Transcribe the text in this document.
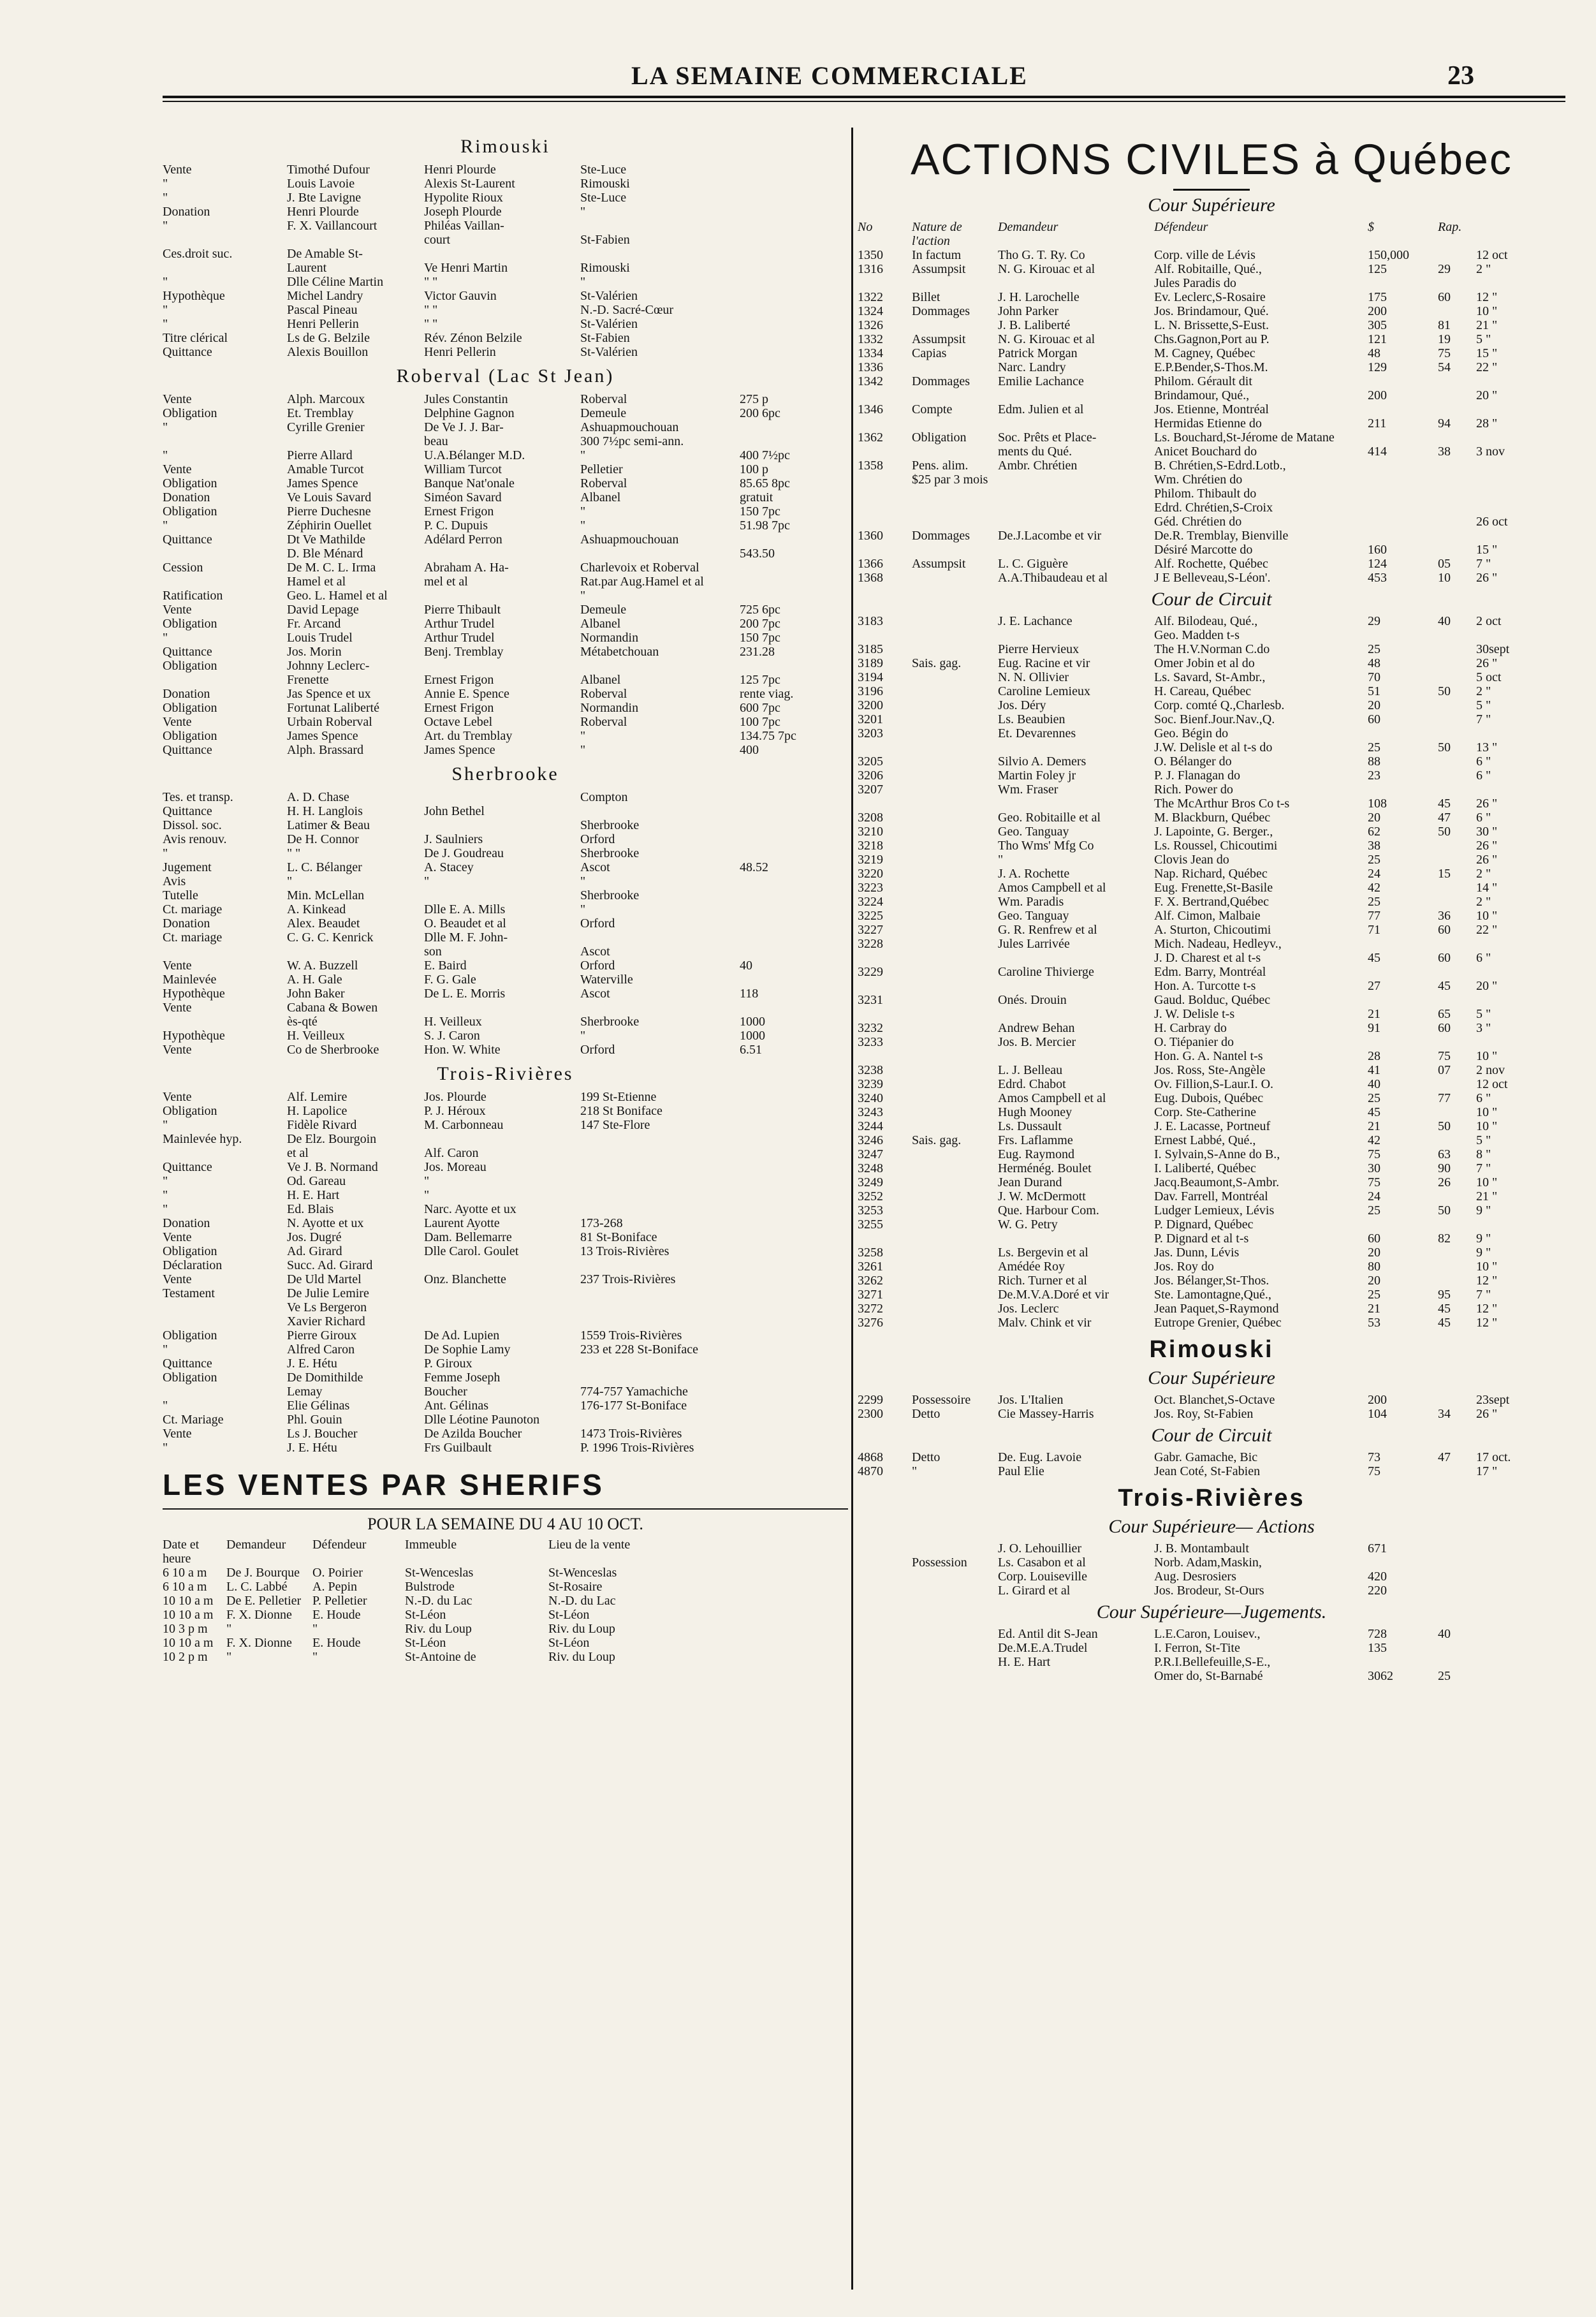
LA SEMAINE COMMERCIALE	23
Rimouski
Vente	Timothé Dufour	Henri Plourde	Ste-Luce
"	Louis Lavoie	Alexis St-Laurent	Rimouski
"	J. Bte Lavigne	Hypolite Rioux	Ste-Luce
Donation	Henri Plourde	Joseph Plourde	"
"	F. X. Vaillancourt	Philéas Vaillan-
court	St-Fabien
Ces.droit suc.	De Amable St-
Laurent	Ve Henri Martin	Rimouski
"	Dlle Céline Martin	" "	"
Hypothèque	Michel Landry	Victor Gauvin	St-Valérien
"	Pascal Pineau	" "	N.-D. Sacré-Cœur
"	Henri Pellerin	" "	St-Valérien
Titre clérical	Ls de G. Belzile	Rév. Zénon Belzile	St-Fabien
Quittance	Alexis Bouillon	Henri Pellerin	St-Valérien
Roberval (Lac St Jean)
Vente	Alph. Marcoux	Jules Constantin	Roberval	275 p
Obligation	Et. Tremblay	Delphine Gagnon	Demeule	200 6pc
"	Cyrille Grenier	De Ve J. J. Bar-	Ashuapmouchouan
beau	300 7½pc semi-ann.
"	Pierre Allard	U.A.Bélanger M.D.	"	400 7½pc
Vente	Amable Turcot	William Turcot	Pelletier	100 p
Obligation	James Spence	Banque Nat'onale	Roberval	85.65 8pc
Donation	Ve Louis Savard	Siméon Savard	Albanel	gratuit
Obligation	Pierre Duchesne	Ernest Frigon	"	150 7pc
"	Zéphirin Ouellet	P. C. Dupuis	"	51.98 7pc
Quittance	Dt Ve Mathilde	Adélard Perron	Ashuapmouchouan
D. Ble Ménard	543.50
Cession	De M. C. L. Irma	Abraham A. Ha-	Charlevoix et Roberval
Hamel et al	mel et al	Rat.par Aug.Hamel et al
Ratification	Geo. L. Hamel et al	"
Vente	David Lepage	Pierre Thibault	Demeule	725 6pc
Obligation	Fr. Arcand	Arthur Trudel	Albanel	200 7pc
"	Louis Trudel	Arthur Trudel	Normandin	150 7pc
Quittance	Jos. Morin	Benj. Tremblay	Métabetchouan	231.28
Obligation	Johnny Leclerc-
Frenette	Ernest Frigon	Albanel	125 7pc
Donation	Jas Spence et ux	Annie E. Spence	Roberval	rente viag.
Obligation	Fortunat Laliberté	Ernest Frigon	Normandin	600 7pc
Vente	Urbain Roberval	Octave Lebel	Roberval	100 7pc
Obligation	James Spence	Art. du Tremblay	"	134.75 7pc
Quittance	Alph. Brassard	James Spence	"	400
Sherbrooke
Tes. et transp.	A. D. Chase	Compton
Quittance	H. H. Langlois	John Bethel
Dissol. soc.	Latimer & Beau	Sherbrooke
Avis renouv.	De H. Connor	J. Saulniers	Orford
"	" "	De J. Goudreau	Sherbrooke
Jugement	L. C. Bélanger	A. Stacey	Ascot	48.52
Avis	"	"	"
Tutelle	Min. McLellan	Sherbrooke
Ct. mariage	A. Kinkead	Dlle E. A. Mills	"
Donation	Alex. Beaudet	O. Beaudet et al	Orford
Ct. mariage	C. G. C. Kenrick	Dlle M. F. John-
son	Ascot
Vente	W. A. Buzzell	E. Baird	Orford	40
Mainlevée	A. H. Gale	F. G. Gale	Waterville
Hypothèque	John Baker	De L. E. Morris	Ascot	118
Vente	Cabana & Bowen
ès-qté	H. Veilleux	Sherbrooke	1000
Hypothèque	H. Veilleux	S. J. Caron	"	1000
Vente	Co de Sherbrooke	Hon. W. White	Orford	6.51
Trois-Rivières
Vente	Alf. Lemire	Jos. Plourde	199 St-Etienne
Obligation	H. Lapolice	P. J. Héroux	218 St Boniface
"	Fidèle Rivard	M. Carbonneau	147 Ste-Flore
Mainlevée hyp.	De Elz. Bourgoin
et al	Alf. Caron
Quittance	Ve J. B. Normand	Jos. Moreau
"	Od. Gareau	"
"	H. E. Hart	"
"	Ed. Blais	Narc. Ayotte et ux
Donation	N. Ayotte et ux	Laurent Ayotte	173-268
Vente	Jos. Dugré	Dam. Bellemarre	81 St-Boniface
Obligation	Ad. Girard	Dlle Carol. Goulet	13 Trois-Rivières
Déclaration	Succ. Ad. Girard
Vente	De Uld Martel	Onz. Blanchette	237 Trois-Rivières
Testament	De Julie Lemire
Ve Ls Bergeron
Xavier Richard
Obligation	Pierre Giroux	De Ad. Lupien	1559 Trois-Rivières
"	Alfred Caron	De Sophie Lamy	233 et 228 St-Boniface
Quittance	J. E. Hétu	P. Giroux
Obligation	De Domithilde	Femme Joseph
Lemay	Boucher	774-757 Yamachiche
"	Elie Gélinas	Ant. Gélinas	176-177 St-Boniface
Ct. Mariage	Phl. Gouin	Dlle Léotine Paunoton
Vente	Ls J. Boucher	De Azilda Boucher	1473 Trois-Rivières
"	J. E. Hétu	Frs Guilbault	P. 1996 Trois-Rivières
LES VENTES PAR SHERIFS
POUR LA SEMAINE DU 4 AU 10 OCT.
Date et heure
Demandeur	Défendeur	Immeuble	Lieu de la vente
6 10 a m	De J. Bourque	O. Poirier	St-Wenceslas	St-Wenceslas
6 10 a m	L. C. Labbé	A. Pepin	Bulstrode	St-Rosaire
10 10 a m	De E. Pelletier P. Pelletier	N.-D. du Lac	N.-D. du Lac
10 10 a m	F. X. Dionne	E. Houde	St-Léon	St-Léon
10 3 p m	"	"	Riv. du Loup	Riv. du Loup
10 10 a m	F. X. Dionne	E. Houde	St-Léon	St-Léon
10 2 p m	"	"	St-Antoine de	Riv. du Loup
ACTIONS CIVILES à Québec
Cour Supérieure
No	Nature de l'action
Demandeur	Défendeur	$	Rap.
1350	In factum	Tho G. T. Ry. Co	Corp. ville de Lévis	150,000	12 oct
1316	Assumpsit	N. G. Kirouac et al	Alf. Robitaille, Qué.,	125	29	2 "
Jules Paradis do
1322	Billet	J. H. Larochelle	Ev. Leclerc,S-Rosaire	175	60	12 "
1324	Dommages	John Parker	Jos. Brindamour, Qué.	200	10 "
1326	J. B. Laliberté	L. N. Brissette,S-Eust.	305	81	21 "
1332	Assumpsit	N. G. Kirouac et al	Chs.Gagnon,Port au P.	121	19	5 "
1334	Capias	Patrick Morgan	M. Cagney, Québec	48	75	15 "
1336	Narc. Landry	E.P.Bender,S-Thos.M.	129	54	22 "
1342	Dommages	Emilie Lachance	Philom. Gérault dit
Brindamour, Qué.,	200	20 "
1346	Compte	Edm. Julien et al	Jos. Etienne, Montréal
Hermidas Etienne do	211	94	28 "
1362	Obligation	Soc. Prêts et Place-	Ls. Bouchard,St-Jérome de Matane
ments du Qué.	Anicet Bouchard do	414	38	3 nov
1358	Pens. alim.	Ambr. Chrétien	B. Chrétien,S-Edrd.Lotb.,
$25 par 3 mois	Wm. Chrétien do
Philom. Thibault do
Edrd. Chrétien,S-Croix
Géd. Chrétien do	26 oct
1360	Dommages	De.J.Lacombe et vir	De.R. Tremblay, Bienville
Désiré Marcotte do	160	15 "
1366	Assumpsit	L. C. Giguère	Alf. Rochette, Québec	124	05	7 "
1368	A.A.Thibaudeau et al	J E Belleveau,S-Léon'.	453	10	26 "
Cour de Circuit
3183	J. E. Lachance	Alf. Bilodeau, Qué.,	29	40	2 oct
Geo. Madden t-s
3185	Pierre Hervieux	The H.V.Norman C.do	25	30sept
3189	Sais. gag.	Eug. Racine et vir	Omer Jobin et al do	48	26 "
3194	N. N. Ollivier	Ls. Savard, St-Ambr.,	70	5 oct
3196	Caroline Lemieux	H. Careau, Québec	51	50	2 "
3200	Jos. Déry	Corp. comté Q.,Charlesb.	20	5 "
3201	Ls. Beaubien	Soc. Bienf.Jour.Nav.,Q.	60	7 "
3203	Et. Devarennes	Geo. Bégin do
J.W. Delisle et al t-s do	25	50	13 "
3205	Silvio A. Demers	O. Bélanger do	88	6 "
3206	Martin Foley jr	P. J. Flanagan do	23	6 "
3207	Wm. Fraser	Rich. Power do
The McArthur Bros Co t-s	108	45	26 "
3208	Geo. Robitaille et al	M. Blackburn, Québec	20	47	6 "
3210	Geo. Tanguay	J. Lapointe, G. Berger.,	62	50	30 "
3218	Tho Wms' Mfg Co	Ls. Roussel, Chicoutimi	38	26 "
3219	"	Clovis Jean do	25	26 "
3220	J. A. Rochette	Nap. Richard, Québec	24	15	2 "
3223	Amos Campbell et al	Eug. Frenette,St-Basile	42	14 "
3224	Wm. Paradis	F. X. Bertrand,Québec	25	2 "
3225	Geo. Tanguay	Alf. Cimon, Malbaie	77	36	10 "
3227	G. R. Renfrew et al	A. Sturton, Chicoutimi	71	60	22 "
3228	Jules Larrivée	Mich. Nadeau, Hedleyv.,
J. D. Charest et al t-s	45	60	6 "
3229	Caroline Thivierge	Edm. Barry, Montréal
Hon. A. Turcotte t-s	27	45	20 "
3231	Onés. Drouin	Gaud. Bolduc, Québec
J. W. Delisle t-s	21	65	5 "
3232	Andrew Behan	H. Carbray do	91	60	3 "
3233	Jos. B. Mercier	O. Tiépanier do
Hon. G. A. Nantel t-s	28	75	10 "
3238	L. J. Belleau	Jos. Ross, Ste-Angèle	41	07	2 nov
3239	Edrd. Chabot	Ov. Fillion,S-Laur.I. O.	40	12 oct
3240	Amos Campbell et al	Eug. Dubois, Québec	25	77	6 "
3243	Hugh Mooney	Corp. Ste-Catherine	45	10 "
3244	Ls. Dussault	J. E. Lacasse, Portneuf	21	50	10 "
3246	Sais. gag.	Frs. Laflamme	Ernest Labbé, Qué.,	42	5 "
3247	Eug. Raymond	I. Sylvain,S-Anne do B.,	75	63	8 "
3248	Herménég. Boulet	I. Laliberté, Québec	30	90	7 "
3249	Jean Durand	Jacq.Beaumont,S-Ambr.	75	26	10 "
3252	J. W. McDermott	Dav. Farrell, Montréal	24	21 "
3253	Que. Harbour Com.	Ludger Lemieux, Lévis	25	50	9 "
3255	W. G. Petry	P. Dignard, Québec
P. Dignard et al t-s	60	82	9 "
3258	Ls. Bergevin et al	Jas. Dunn, Lévis	20	9 "
3261	Amédée Roy	Jos. Roy do	80	10 "
3262	Rich. Turner et al	Jos. Bélanger,St-Thos.	20	12 "
3271	De.M.V.A.Doré et vir	Ste. Lamontagne,Qué.,	25	95	7 "
3272	Jos. Leclerc	Jean Paquet,S-Raymond	21	45	12 "
3276	Malv. Chink et vir	Eutrope Grenier, Québec	53	45	12 "
Rimouski
Cour Supérieure
2299	Possessoire	Jos. L'Italien	Oct. Blanchet,S-Octave	200	23sept
2300	Detto	Cie Massey-Harris	Jos. Roy, St-Fabien	104	34	26 "
Cour de Circuit
4868	Detto	De. Eug. Lavoie	Gabr. Gamache, Bic	73	47	17 oct.
4870	"	Paul Elie	Jean Coté, St-Fabien	75	17 "
Trois-Rivières
Cour Supérieure— Actions
J. O. Lehouillier	J. B. Montambault	671
Possession	Ls. Casabon et al	Norb. Adam,Maskin,
Corp. Louiseville	Aug. Desrosiers	420
L. Girard et al	Jos. Brodeur, St-Ours	220
Cour Supérieure—Jugements.
Ed. Antil dit S-Jean	L.E.Caron, Louisev.,	728	40
De.M.E.A.Trudel	I. Ferron, St-Tite	135
H. E. Hart	P.R.I.Bellefeuille,S-E.,
Omer do, St-Barnabé	3062	25
